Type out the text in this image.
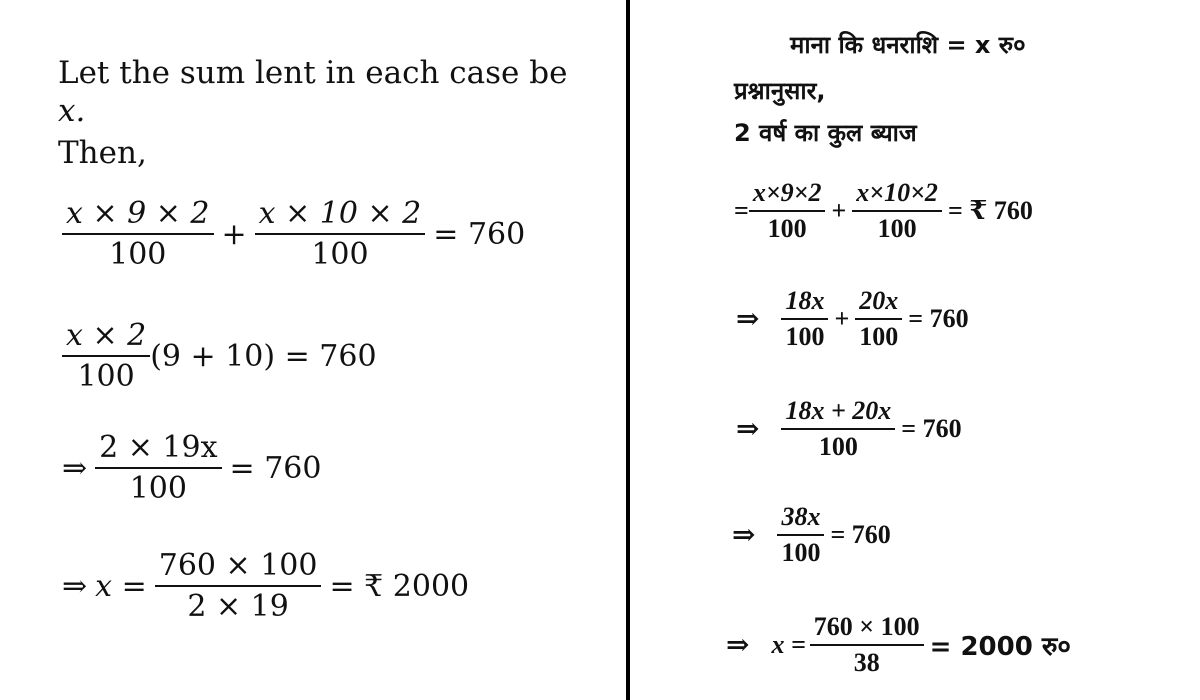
Let the sum lent in each case be
x.
Then,
$\frac{x \times 9 \times 2}{100} + \frac{x \times 10 \times 2}{100} = 760$
$\frac{x \times 2}{100} (9 + 10) = 760$
⇒ $\frac{2 \times 19x}{100} = 760$
⇒ $x = \frac{760 \times 100}{2 \times 19}$ = ₹ 2000
माना कि धनराशि = x रु०
प्रश्नानुसार,
2 वर्ष का कुल ब्याज
= $\frac{x\times 9\times 2}{100} + \frac{x\times 10\times 2}{100}$ = ₹ 760
⇒ $\frac{18x}{100} + \frac{20x}{100} = 760$
⇒ $\frac{18x + 20x}{100} = 760$
⇒ $\frac{38x}{100} = 760$
⇒ $x = \frac{760 \times 100}{38} = 2000$ रु०
